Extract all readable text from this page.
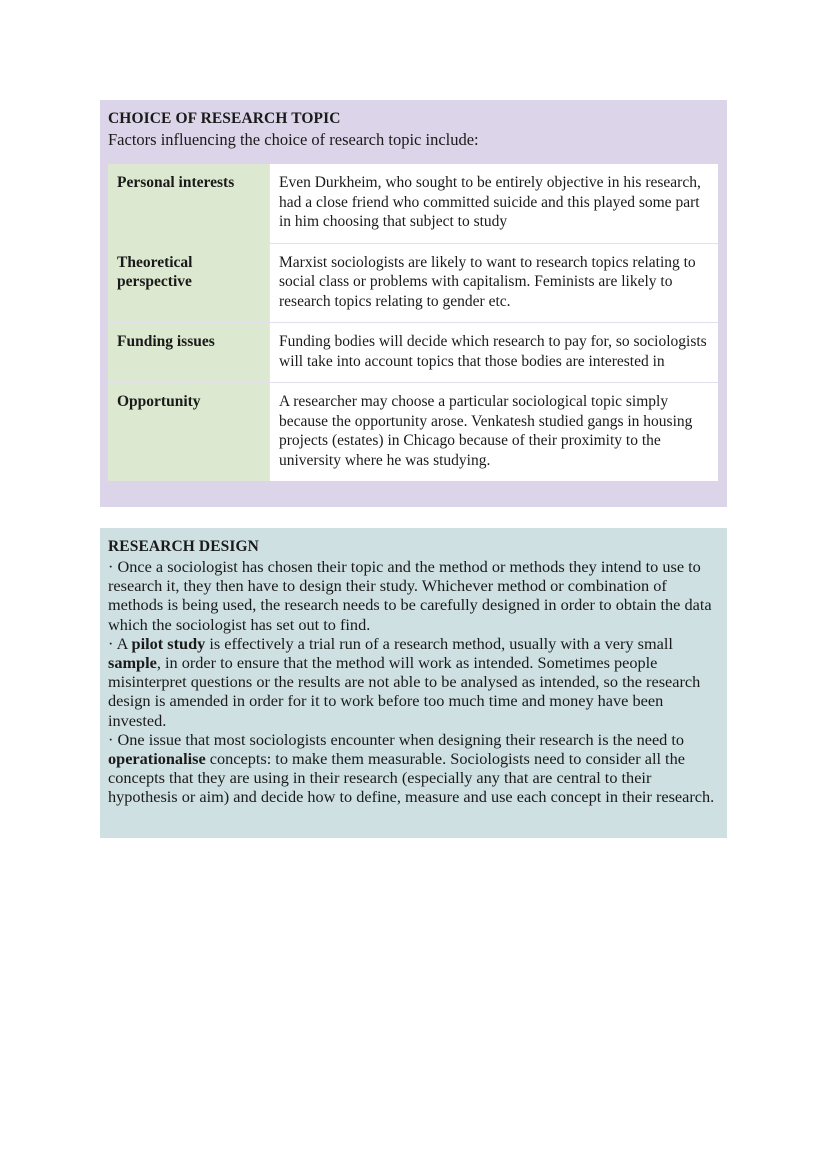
CHOICE OF RESEARCH TOPIC
Factors influencing the choice of research topic include:
Personal interests	Even Durkheim, who sought to be entirely objective in his research, had a close friend who committed suicide and this played some part in him choosing that subject to study
Theoretical perspective	Marxist sociologists are likely to want to research topics relating to social class or problems with capitalism. Feminists are likely to research topics relating to gender etc.
Funding issues	Funding bodies will decide which research to pay for, so sociologists will take into account topics that those bodies are interested in
Opportunity	A researcher may choose a particular sociological topic simply because the opportunity arose. Venkatesh studied gangs in housing projects (estates) in Chicago because of their proximity to the university where he was studying.
RESEARCH DESIGN
· Once a sociologist has chosen their topic and the method or methods they intend to use to research it, they then have to design their study. Whichever method or combination of methods is being used, the research needs to be carefully designed in order to obtain the data which the sociologist has set out to find.
· A pilot study is effectively a trial run of a research method, usually with a very small sample, in order to ensure that the method will work as intended. Sometimes people misinterpret questions or the results are not able to be analysed as intended, so the research design is amended in order for it to work before too much time and money have been invested.
· One issue that most sociologists encounter when designing their research is the need to operationalise concepts: to make them measurable. Sociologists need to consider all the concepts that they are using in their research (especially any that are central to their hypothesis or aim) and decide how to define, measure and use each concept in their research.
